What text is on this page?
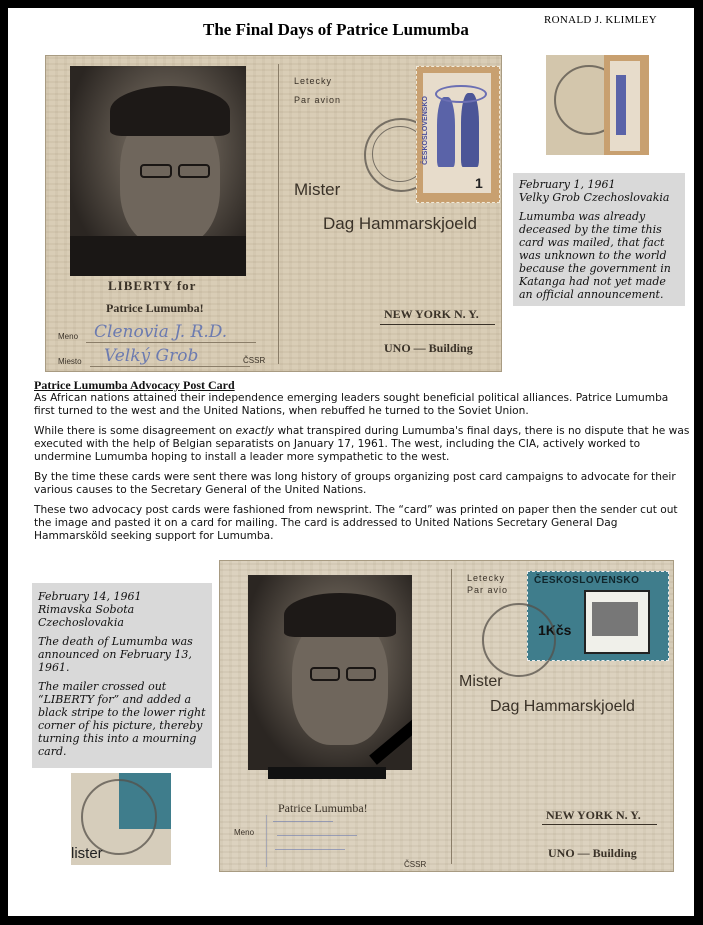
The Final Days of Patrice Lumumba	RONALD J. KLIMLEY
LIBERTY for
Patrice Lumumba!
Meno Clenovia J. R.D.
Miesto Velký Grob	ČSSR
Letecky
Par avion	ČESKOSLOVENSKO
1
Mister
Dag Hammarskjoeld
NEW YORK N. Y.
UNO — Building

February 1, 1961
Velky Grob Czechoslovakia

Lumumba was already deceased by the time this card was mailed, that fact was unknown to the world because the government in Katanga had not yet made an official announcement.

Patrice Lumumba Advocacy Post Card

As African nations attained their independence emerging leaders sought beneficial political alliances. Patrice Lumumba first turned to the west and the United Nations, when rebuffed he turned to the Soviet Union.

While there is some disagreement on exactly what transpired during Lumumba's final days, there is no dispute that he was executed with the help of Belgian separatists on January 17, 1961. The west, including the CIA, actively worked to undermine Lumumba hoping to install a leader more sympathetic to the west.

By the time these cards were sent there was long history of groups organizing post card campaigns to advocate for their various causes to the Secretary General of the United Nations.

These two advocacy post cards were fashioned from newsprint. The “card” was printed on paper then the sender cut out the image and pasted it on a card for mailing. The card is addressed to United Nations Secretary General Dag Hammarsköld seeking support for Lumumba.

February 14, 1961
Rimavska Sobota
Czechoslovakia

The death of Lumumba was announced on February 13, 1961.

The mailer crossed out “LIBERTY for” and added a black stripe to the lower right corner of his picture, thereby turning this into a mourning card.

lister
Patrice Lumumba!
Meno
ČSSR
Letecky
Par avio
ČESKOSLOVENSKO
1Kčs
Mister
Dag Hammarskjoeld
NEW YORK N. Y.
UNO — Building
